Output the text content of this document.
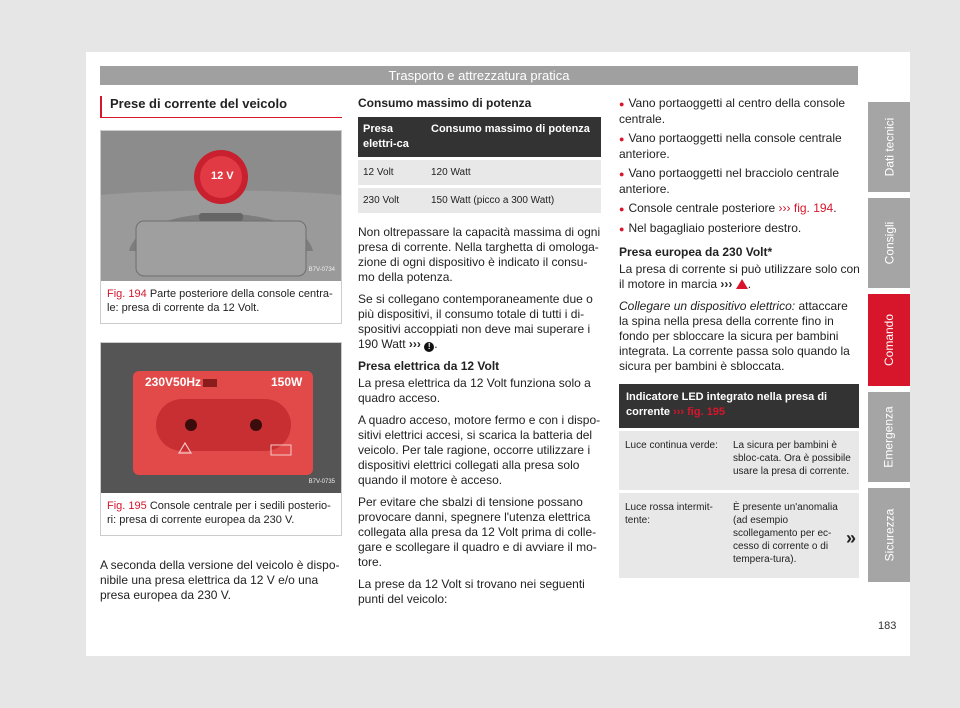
Trasporto e attrezzatura pratica
Prese di corrente del veicolo
12 V
B7V-0734
Fig. 194 Parte posteriore della console centra-le: presa di corrente da 12 Volt.
230V50Hz	150W
B7V-0735
Fig. 195 Console centrale per i sedili posterio-ri: presa di corrente europea da 230 V.

A seconda della versione del veicolo è dispo-nibile una presa elettrica da 12 V e/o una presa europea da 230 V.

Consumo massimo di potenza
Presa elettri-ca	Consumo massimo di potenza
12 Volt	120 Watt
230 Volt	150 Watt (picco a 300 Watt)

Non oltrepassare la capacità massima di ogni presa di corrente. Nella targhetta di omologa-zione di ogni dispositivo è indicato il consu-mo della potenza.

Se si collegano contemporaneamente due o più dispositivi, il consumo totale di tutti i di-spositivi accoppiati non deve mai superare i 190 Watt ››› ! .

Presa elettrica da 12 Volt

La presa elettrica da 12 Volt funziona solo a quadro acceso.

A quadro acceso, motore fermo e con i dispo-sitivi elettrici accesi, si scarica la batteria del veicolo. Per tale ragione, occorre utilizzare i dispositivi elettrici collegati alla presa solo quando il motore è acceso.

Per evitare che sbalzi di tensione possano provocare danni, spegnere l'utenza elettrica collegata alla presa da 12 Volt prima di colle-gare e scollegare il quadro e di avviare il mo-tore.

La prese da 12 Volt si trovano nei seguenti punti del veicolo:

● Vano portaoggetti al centro della console centrale.

● Vano portaoggetti nella console centrale anteriore.

● Vano portaoggetti nel bracciolo centrale anteriore.

● Console centrale posteriore ››› fig. 194.

● Nel bagagliaio posteriore destro.

Presa europea da 230 Volt*

La presa di corrente si può utilizzare solo con il motore in marcia ››› .

Collegare un dispositivo elettrico: attaccare la spina nella presa della corrente fino in fondo per sbloccare la sicura per bambini integrata. La corrente passa solo quando la sicura per bambini è sbloccata.

Indicatore LED integrato nella presa di corrente ››› fig. 195
Luce continua verde:	La sicura per bambini è sbloc-cata. Ora è possibile usare la presa di corrente.
Luce rossa intermit-tente:	È presente un'anomalia (ad esempio scollegamento per ec-cesso di corrente o di tempera-tura).
»
Dati tecnici
Consigli
Comando
Emergenza
Sicurezza
183
